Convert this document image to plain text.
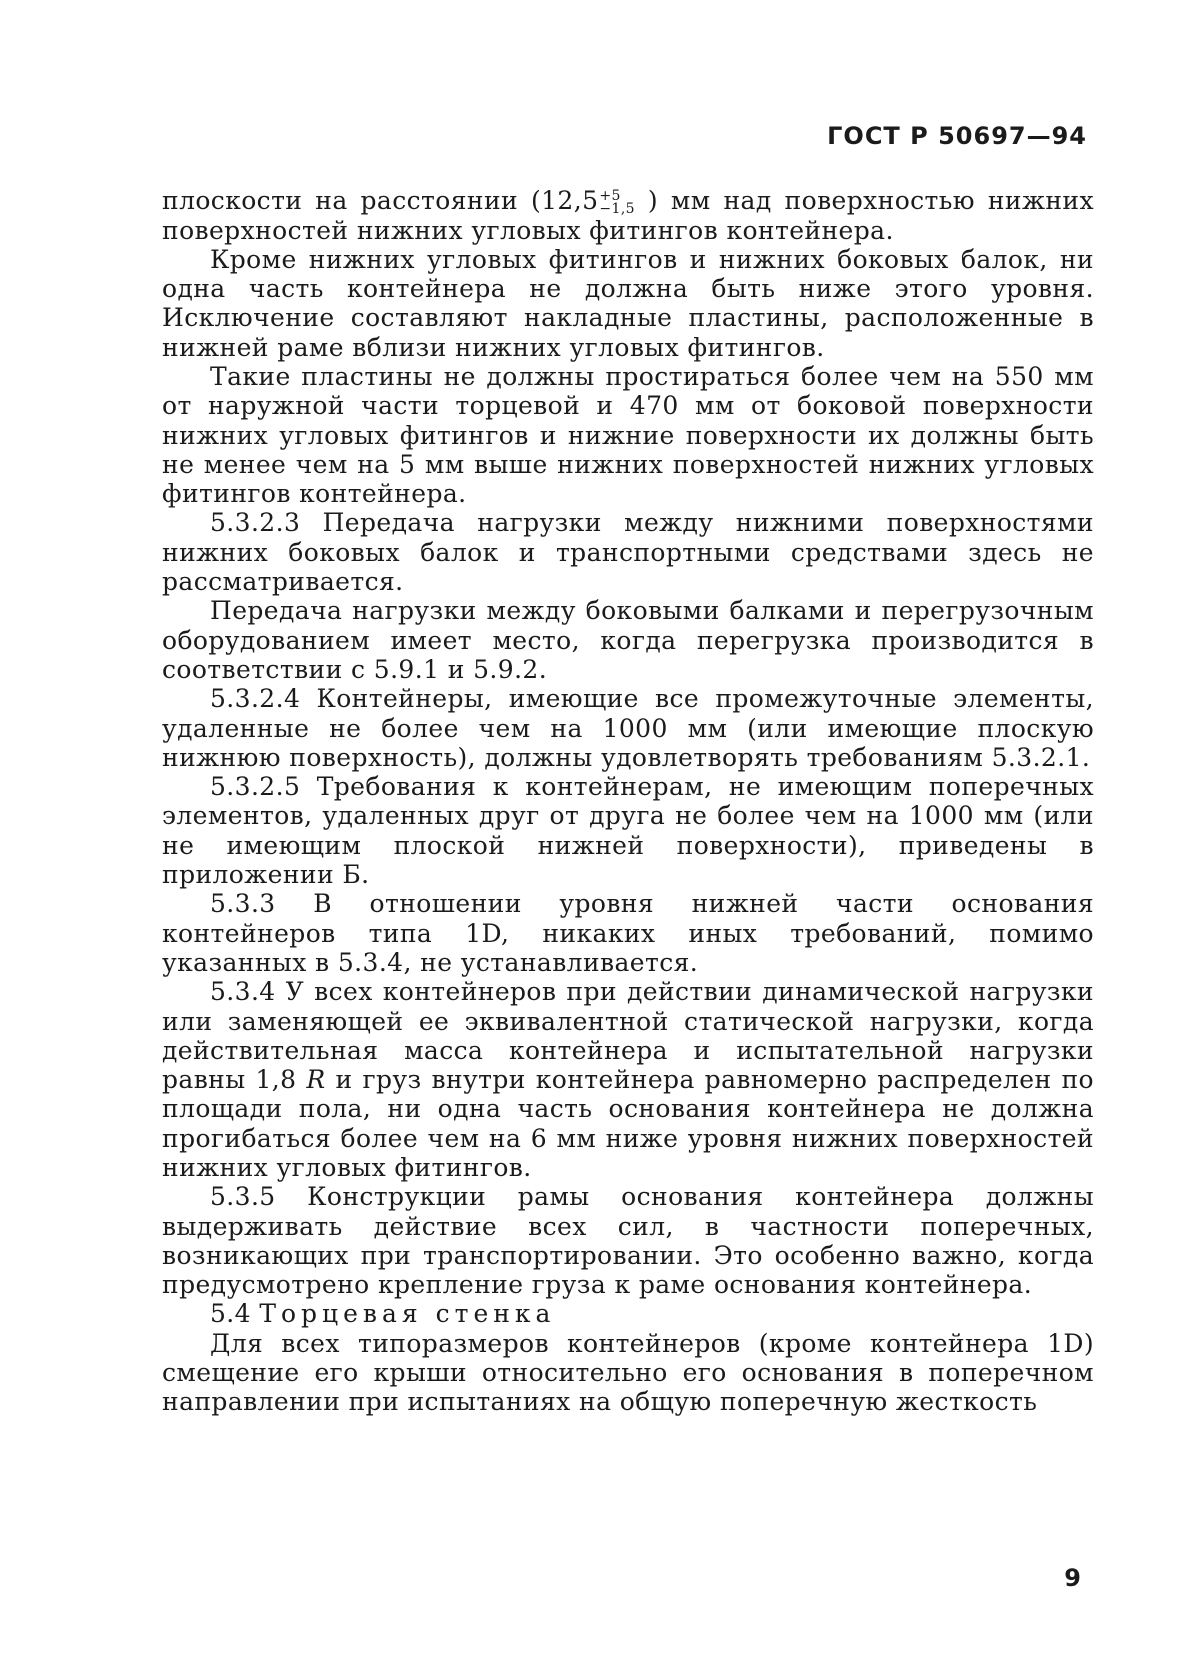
ГОСТ Р 50697—94

плоскости на расстоянии (12,5 +5
−1,5 ) мм над поверхностью нижних поверхностей нижних угловых фитингов контейнера.

Кроме нижних угловых фитингов и нижних боковых балок, ни одна часть контейнера не должна быть ниже этого уровня. Исключение составляют накладные пластины, расположенные в нижней раме вблизи нижних угловых фитингов.

Такие пластины не должны простираться более чем на 550 мм от наружной части торцевой и 470 мм от боковой поверхности нижних угловых фитингов и нижние поверхности их должны быть не менее чем на 5 мм выше нижних поверхностей нижних угловых фитингов контейнера.

5.3.2.3 Передача нагрузки между нижними поверхностями нижних боковых балок и транспортными средствами здесь не рассматривается.

Передача нагрузки между боковыми балками и перегрузочным оборудованием имеет место, когда перегрузка производится в соответствии с 5.9.1 и 5.9.2.

5.3.2.4 Контейнеры, имеющие все промежуточные элементы, удаленные не более чем на 1000 мм (или имеющие плоскую нижнюю поверхность), должны удовлетворять требованиям 5.3.2.1.

5.3.2.5 Требования к контейнерам, не имеющим поперечных элементов, удаленных друг от друга не более чем на 1000 мм (или не имеющим плоской нижней поверхности), приведены в приложении Б.

5.3.3 В отношении уровня нижней части основания контейнеров типа 1D, никаких иных требований, помимо указанных в 5.3.4, не устанавливается.

5.3.4 У всех контейнеров при действии динамической нагрузки или заменяющей ее эквивалентной статической нагрузки, когда действительная масса контейнера и испытательной нагрузки равны 1,8 R и груз внутри контейнера равномерно распределен по площади пола, ни одна часть основания контейнера не должна прогибаться более чем на 6 мм ниже уровня нижних поверхностей нижних угловых фитингов.

5.3.5 Конструкции рамы основания контейнера должны выдерживать действие всех сил, в частности поперечных, возникающих при транспортировании. Это особенно важно, когда предусмотрено крепление груза к раме основания контейнера.

5.4 Торцевая стенка

Для всех типоразмеров контейнеров (кроме контейнера 1D) смещение его крыши относительно его основания в поперечном направлении при испытаниях на общую поперечную жесткость

9
